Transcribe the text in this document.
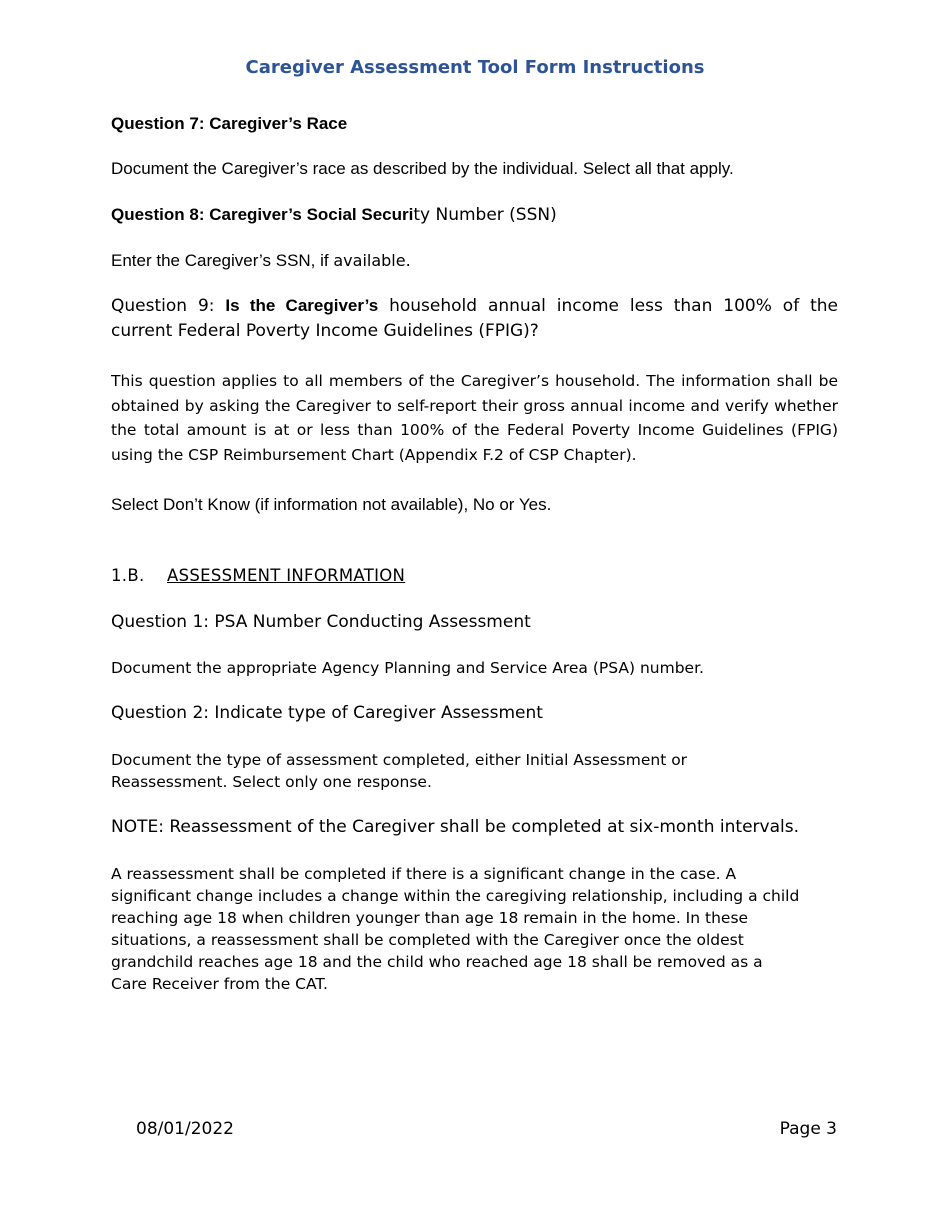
Caregiver Assessment Tool Form Instructions

Question 7: Caregiver’s Race

Document the Caregiver’s race as described by the individual. Select all that apply.

Question 8: Caregiver’s Social Security Number (SSN)

Enter the Caregiver’s SSN, if available.

Question 9: Is the Caregiver’s household annual income less than 100% of the current Federal Poverty Income Guidelines (FPIG)?

This question applies to all members of the Caregiver’s household. The information shall be obtained by asking the Caregiver to self-report their gross annual income and verify whether the total amount is at or less than 100% of the Federal Poverty Income Guidelines (FPIG) using the CSP Reimbursement Chart (Appendix F.2 of CSP Chapter).

Select Don’t Know (if information not available), No or Yes.

1.B. ASSESSMENT INFORMATION

Question 1: PSA Number Conducting Assessment

Document the appropriate Agency Planning and Service Area (PSA) number.

Question 2: Indicate type of Caregiver Assessment

Document the type of assessment completed, either Initial Assessment or
Reassessment. Select only one response.

NOTE: Reassessment of the Caregiver shall be completed at six-month intervals.

A reassessment shall be completed if there is a significant change in the case. A
significant change includes a change within the caregiving relationship, including a child
reaching age 18 when children younger than age 18 remain in the home. In these
situations, a reassessment shall be completed with the Caregiver once the oldest
grandchild reaches age 18 and the child who reached age 18 shall be removed as a
Care Receiver from the CAT.
08/01/2022	Page 3
